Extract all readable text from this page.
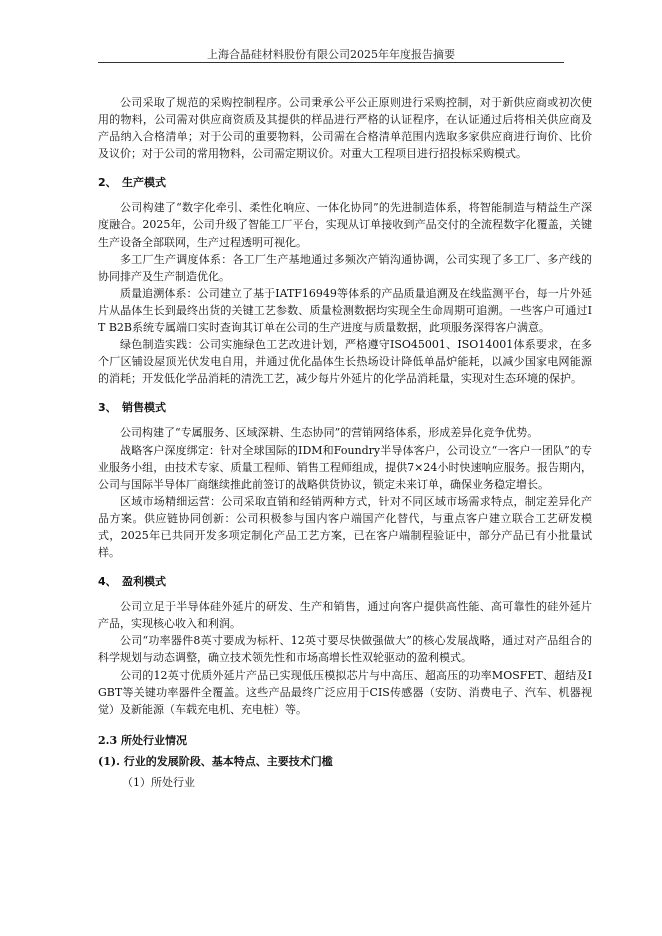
上海合晶硅材料股份有限公司2025年年度报告摘要

公司采取了规范的采购控制程序。公司秉承公平公正原则进行采购控制，对于新供应商或初次使用的物料，公司需对供应商资质及其提供的样品进行严格的认证程序，在认证通过后将相关供应商及产品纳入合格清单；对于公司的重要物料，公司需在合格清单范围内选取多家供应商进行询价、比价及议价；对于公司的常用物料，公司需定期议价。对重大工程项目进行招投标采购模式。

2、 生产模式

公司构建了“数字化牵引、柔性化响应、一体化协同”的先进制造体系，将智能制造与精益生产深度融合。2025年，公司升级了智能工厂平台，实现从订单接收到产品交付的全流程数字化覆盖，关键生产设备全部联网，生产过程透明可视化。

多工厂生产调度体系：各工厂生产基地通过多频次产销沟通协调，公司实现了多工厂、多产线的协同排产及生产制造优化。

质量追溯体系：公司建立了基于IATF16949等体系的产品质量追溯及在线监测平台，每一片外延片从晶体生长到最终出货的关键工艺参数、质量检测数据均实现全生命周期可追溯。一些客户可通过IT B2B系统专属端口实时查询其订单在公司的生产进度与质量数据，此项服务深得客户满意。

绿色制造实践：公司实施绿色工艺改进计划，严格遵守ISO45001、ISO14001体系要求，在多个厂区铺设屋顶光伏发电自用，并通过优化晶体生长热场设计降低单晶炉能耗，以减少国家电网能源的消耗；开发低化学品消耗的清洗工艺，减少每片外延片的化学品消耗量，实现对生态环境的保护。

3、 销售模式

公司构建了“专属服务、区域深耕、生态协同”的营销网络体系，形成差异化竞争优势。

战略客户深度绑定：针对全球国际的IDM和Foundry半导体客户，公司设立“一客户一团队”的专业服务小组，由技术专家、质量工程师、销售工程师组成，提供7×24小时快速响应服务。报告期内，公司与国际半导体厂商继续推此前签订的战略供货协议，锁定未来订单，确保业务稳定增长。

区域市场精细运营：公司采取直销和经销两种方式，针对不同区域市场需求特点，制定差异化产品方案。供应链协同创新：公司积极参与国内客户端国产化替代，与重点客户建立联合工艺研发模式，2025年已共同开发多项定制化产品工艺方案，已在客户端制程验证中，部分产品已有小批量试样。

4、 盈利模式

公司立足于半导体硅外延片的研发、生产和销售，通过向客户提供高性能、高可靠性的硅外延片产品，实现核心收入和利润。

公司“功率器件8英寸要成为标杆、12英寸要尽快做强做大”的核心发展战略，通过对产品组合的科学规划与动态调整，确立技术领先性和市场高增长性双轮驱动的盈利模式。

公司的12英寸优质外延片产品已实现低压模拟芯片与中高压、超高压的功率MOSFET、超结及IGBT等关键功率器件全覆盖。这些产品最终广泛应用于CIS传感器（安防、消费电子、汽车、机器视觉）及新能源（车载充电机、充电桩）等。

2.3 所处行业情况
(1). 行业的发展阶段、基本特点、主要技术门槛

（1）所处行业
